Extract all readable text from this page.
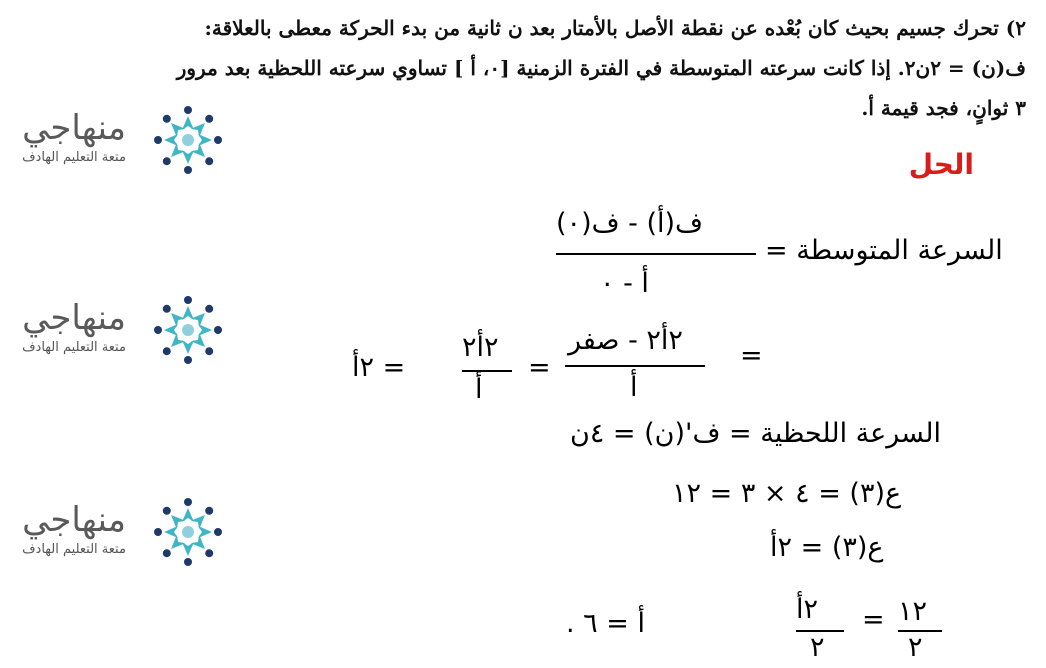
٢) تحرك جسيم بحيث كان بُعْده عن نقطة الأصل بالأمتار بعد ن ثانية من بدء الحركة معطى بالعلاقة:
ف(ن) = ٢ن٢. إذا كانت سرعته المتوسطة في الفترة الزمنية [٠، أ ] تساوي سرعته اللحظية بعد مرور
٣ ثوانٍ، فجد قيمة أ.
الحل
منهاجي
متعة التعليم الهادف
منهاجي
متعة التعليم الهادف
منهاجي
متعة التعليم الهادف
السرعة المتوسطة =
ف(أ) - ف(٠)
أ - ٠
=
٢أ٢ - صفر
أ
=
٢أ٢
أ
= ٢أ
السرعة اللحظية = ف'(ن) = ٤ن
ع(٣) = ٤ × ٣ = ١٢
ع(٣) = ٢أ
١٢
٢
=
٢أ
٢
أ = ٦ .
